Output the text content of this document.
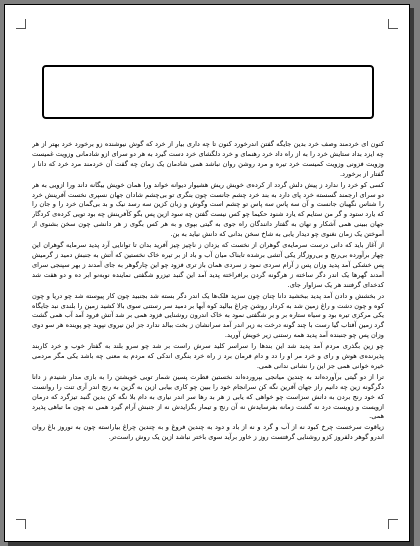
کنون ای خردمند وصف خرد بدین جایگه گفتن اندرخورد کنون تا چه داری بیار از خرد که گوش نیوشنده زو برخورد خرد بهتر از هر چه ایزد بداد ستایش خرد را به از راه داد خرد رهنمای و خرد دلگشای خرد دست گیرد به هر دو سرای ازو شادمانی وزویت غمیست وزویت فزونی وزویت کمیست خرد تیره و مرد روشن روان نباشد همی شادمان یک زمان چه گفت آن خردمند مرد خرد که دانا ز گفتار از برخورد.

کسی کو خرد را ندارد ز پیش دلش گردد از کرده‌ی خویش ریش هشیوار دیوانه خواند ورا همان خویش بیگانه داند ورا ازویی به هر دو سرای ارجمند گسسته خرد پای دارد به بند خرد چشم جانست چون بنگری تو بی‌چشم شادان جهان نسپری نخست آفرینش خرد را شناس نگهبان جانست و آن سه پاس سه پاس تو چشم است وگوش و زبان کزین سه رسد نیک و بد بی‌گمان خرد را و جان را که یارد ستود و گر من ستایم که یارد شنود حکیما چو کس نیست گفتن چه سود ازین پس بگو کآفرینش چه بود تویی کرده‌ی کردگار جهان ببینی همی آشکار و نهان به گفتار دانندگان راه جوی به گیتی بپوی و به هر کس بگوی ز هر دانشی چون سخن بشنوی از آموختن یک زمان نغنوی چو دیدار یابی به شاخ سخن بدانی که دانش نیاید به بن.

از آغاز باید که دانی درست سرمایه‌ی گوهران از نخست که یزدان ز ناچیز چیز آفرید بدان تا توانایی آرد پدید سرمایه گوهران این چهار برآورده بی‌رنج و بی‌روزگار یکی آتشی برشده تابناک میان آب و باد از بر تیره خاک نخستین که آتش به جنبش دمید ز گرمیش پس خشکی آمد پدید وزان پس ز آرام سردی نمود ز سردی همان باز تری فزود چو این چارگوهر به جای آمدند ز بهر سپنجی سرای آمدند گهرها یک اندر دگر ساخته ز هرگونه گردن برافراخته پدید آمد این گنبد تیزرو شگفتی نماینده نوبه‌نو ابر ده و دو هفت شد کدخدای گرفتند هر یک سزاوار جای.

در بخشش و دادن آمد پدید ببخشید دانا چنان چون سزید فلک‌ها یک اندر دگر بسته شد بجنبید چون کار پیوسته شد چو دریا و چون کوه و چون دشت و راغ زمین شد به کردار روشن چراغ ببالید کوه آبها بر دمید سر رستنی سوی بالا کشید زمین را بلندی نبد جایگاه یکی مرکزی تیره بود و سیاه ستاره بر و بر شگفتی نمود به خاک اندرون روشنایی فزود همی بر شد آتش فرود آمد آب همی گشت گرد زمین آفتاب گیا رست با چند گونه درخت به زیر اندر آمد سرانشان ز بخت ببالد ندارد جز این نیروی نپوید چو پوینده هر سو دوی وزان پس چو جنبنده آمد پدید همه رستنی زیر خویش آورید.

چو زین بگذری مردم آمد پدید شد این بندها را سراسر کلید سرش راست بر شد چو سرو بلند به گفتار خوب و خرد کاربند پذیرنده‌ی هوش و رای و خرد مر او را دد و دام فرمان برد ز راه خرد بنگری اندکی که مردم به معنی چه باشد یکی مگر مردمی خیره خوانی همی جز این را نشانی ندانی همی.

ترا از دو گیتی برآورده‌اند به چندین میانجی بپرورده‌اند نخستین فطرت پسین شمار تویی خویشتن را به بازی مدار شنیدم ز دانا دگرگونه زین چه دانیم راز جهان آفرین نگه کن سرانجام خود را ببین چو کاری بیابی ازین به گزین به رنج اندر آری تنت را روانست که خود رنج بردن به دانش سزاست چو خواهی که یابی ز هر بد رها سر اندر نیاری به دام بلا نگه کن بدین گنبد تیزگرد که درمان ازویست و زویست درد نه گشت زمانه بفرسایدش نه آن رنج و تیمار بگزایدش نه از جنبش آرام گیرد همی نه چون ما تباهی پذیرد همی.

زیاقوت سرخست چرخ کبود نه از آب و گرد و نه از باد و دود به چندین فروغ و به چندین چراغ بیاراسته چون به نوروز باغ روان اندرو گوهر دلفروز کزو روشنایی گرفتست روز ز خاور برآید سوی باختر نباشد ازین یک روش راست‌تر.
